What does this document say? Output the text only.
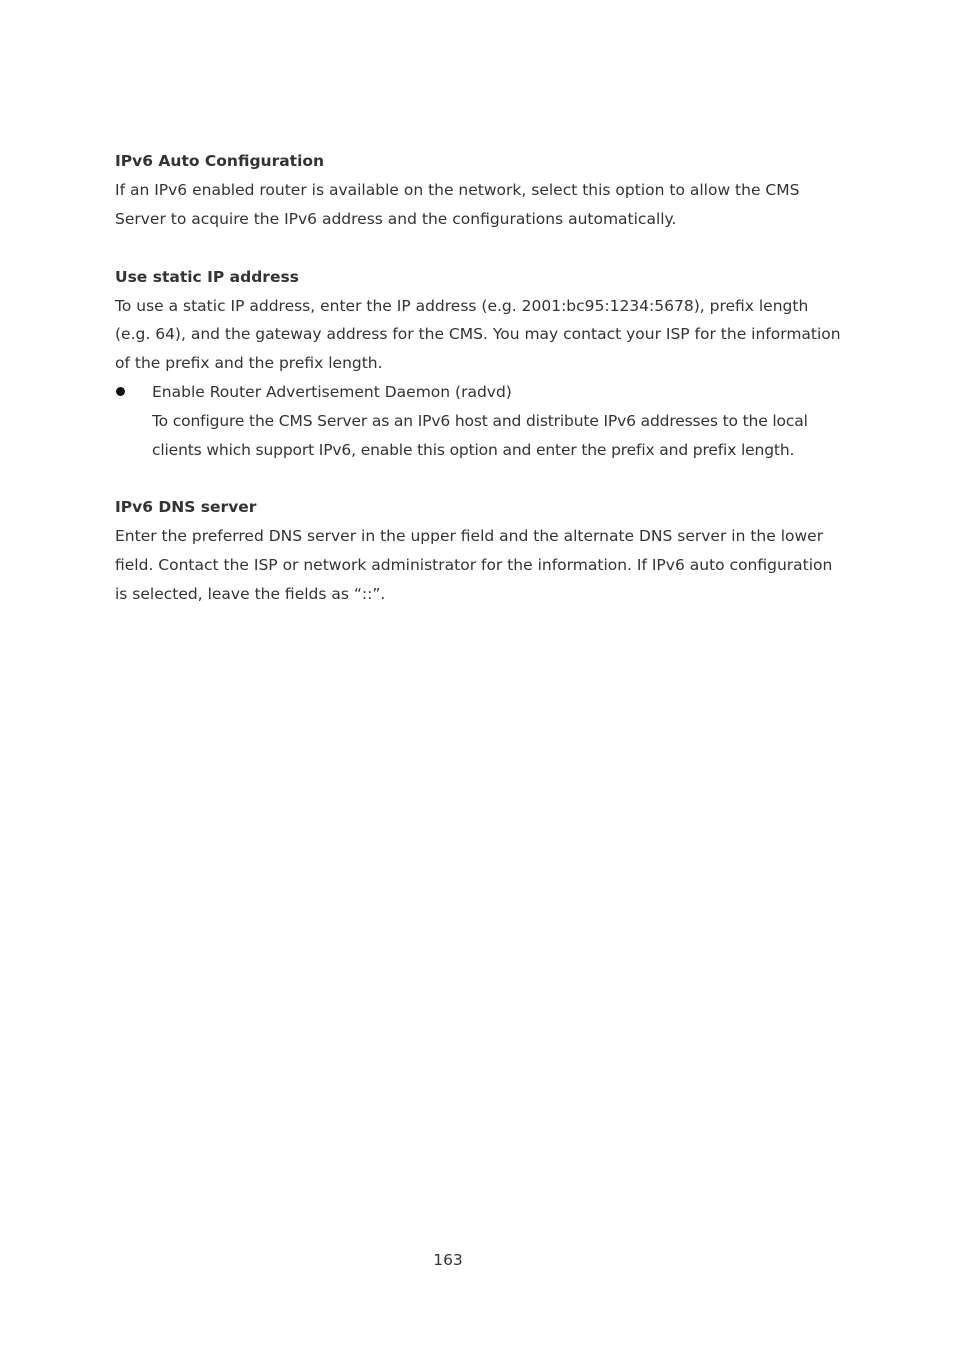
IPv6 Auto Configuration

If an IPv6 enabled router is available on the network, select this option to allow the CMS Server to acquire the IPv6 address and the configurations automatically.

Use static IP address

To use a static IP address, enter the IP address (e.g. 2001:bc95:1234:5678), prefix length (e.g. 64), and the gateway address for the CMS. You may contact your ISP for the information of the prefix and the prefix length.

Enable Router Advertisement Daemon (radvd)

To configure the CMS Server as an IPv6 host and distribute IPv6 addresses to the local clients which support IPv6, enable this option and enter the prefix and prefix length.

IPv6 DNS server

Enter the preferred DNS server in the upper field and the alternate DNS server in the lower field. Contact the ISP or network administrator for the information. If IPv6 auto configuration is selected, leave the fields as “::”.

163
